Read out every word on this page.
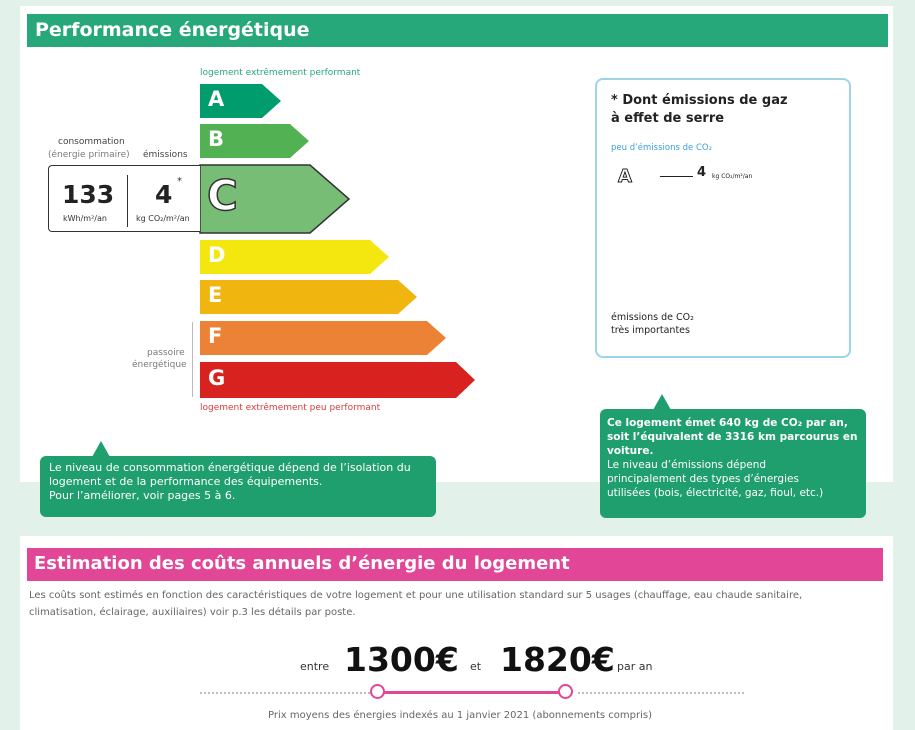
Performance énergétique
logement extrêmement performant
logement extrêmement peu performant
consommation
(énergie primaire) émissions
passoire
énergétique
A
B
D
E
F
G
C
133
kWh/m²/an
4 *
kg CO₂/m²/an
Le niveau de consommation énergétique dépend de l’isolation du
logement et de la performance des équipements.
Pour l’améliorer, voir pages 5 à 6.
* Dont émissions de gaz
à effet de serre
peu d’émissions de CO₂
A
B
C
D
E
F
G
4 kg CO₂/m²/an
émissions de CO₂
très importantes
Ce logement émet 640 kg de CO₂ par an,
soit l’équivalent de 3316 km parcourus en
voiture.
Le niveau d’émissions dépend
principalement des types d’énergies
utilisées (bois, électricité, gaz, fioul, etc.)
Estimation des coûts annuels d’énergie du logement
Les coûts sont estimés en fonction des caractéristiques de votre logement et pour une utilisation standard sur 5 usages (chauffage, eau chaude sanitaire,
climatisation, éclairage, auxiliaires) voir p.3 les détails par poste.
entre 1300€ et 1820€ par an
Prix moyens des énergies indexés au 1 janvier 2021 (abonnements compris)
